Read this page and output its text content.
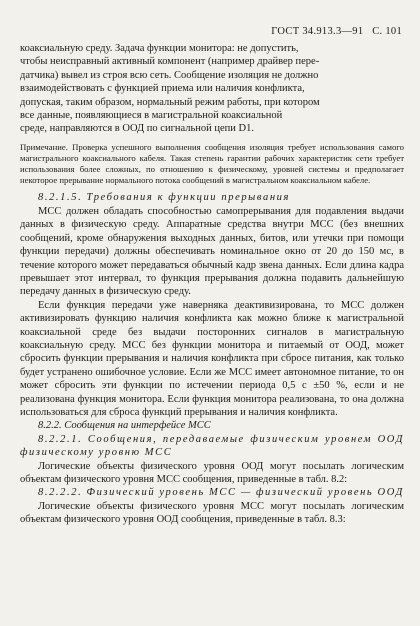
ГОСТ 34.913.3—91 С. 101

коаксиальную среду. Задача функции монитора: не допустить,
чтобы неисправный активный компонент (например драйвер пере-
датчика) вывел из строя всю сеть. Сообщение изоляция не должно
взаимодействовать с функцией приема или наличия конфликта,
допуская, таким образом, нормальный режим работы, при котором
все данные, появляющиеся в магистральной коаксиальной
среде, направляются в ООД по сигнальной цепи D1.

Примечание. Проверка успешного выполнения сообщения изоляция требует использования самого магистрального коаксиального кабеля. Такая степень гарантии рабочих характеристик сети требует использования более сложных, по отношению к физическому, уровней системы и предполагает некоторое прерывание нормального потока сообщений в магистральном коаксиальном кабеле.

8.2.1.5. Требования к функции прерывания

МСС должен обладать способностью самопрерывания для подавления выдачи данных в физическую среду. Аппаратные средства внутри МСС (без внешних сообщений, кроме обнаружения выходных данных, битов, или утечки при помощи функции передачи) должны обеспечивать номинальное окно от 20 до 150 мс, в течение которого может передаваться обычный кадр звена данных. Если длина кадра превышает этот интервал, то функция прерывания должна подавить дальнейшую передачу данных в физическую среду.

Если функция передачи уже наверняка деактивизирована, то МСС должен активизировать функцию наличия конфликта как можно ближе к магистральной коаксиальной среде без выдачи посторонних сигналов в магистральную коаксиальную среду. МСС без функции монитора и питаемый от ООД, может сбросить функции прерывания и наличия конфликта при сбросе питания, как только будет устранено ошибочное условие. Если же МСС имеет автономное питание, то он может сбросить эти функции по истечении периода 0,5 с ±50 %, если и не реализована функция монитора. Если функция монитора реализована, то она должна использоваться для сброса функций прерывания и наличия конфликта.

8.2.2. Сообщения на интерфейсе МСС

8.2.2.1. Сообщения, передаваемые физическим уровнем ООД физическому уровню МСС

Логические объекты физического уровня ООД могут посылать логическим объектам физического уровня МСС сообщения, приведенные в табл. 8.2:

8.2.2.2. Физический уровень МСС — физический уровень ООД

Логические объекты физического уровня МСС могут посылать логическим объектам физического уровня ООД сообщения, приведенные в табл. 8.3:
